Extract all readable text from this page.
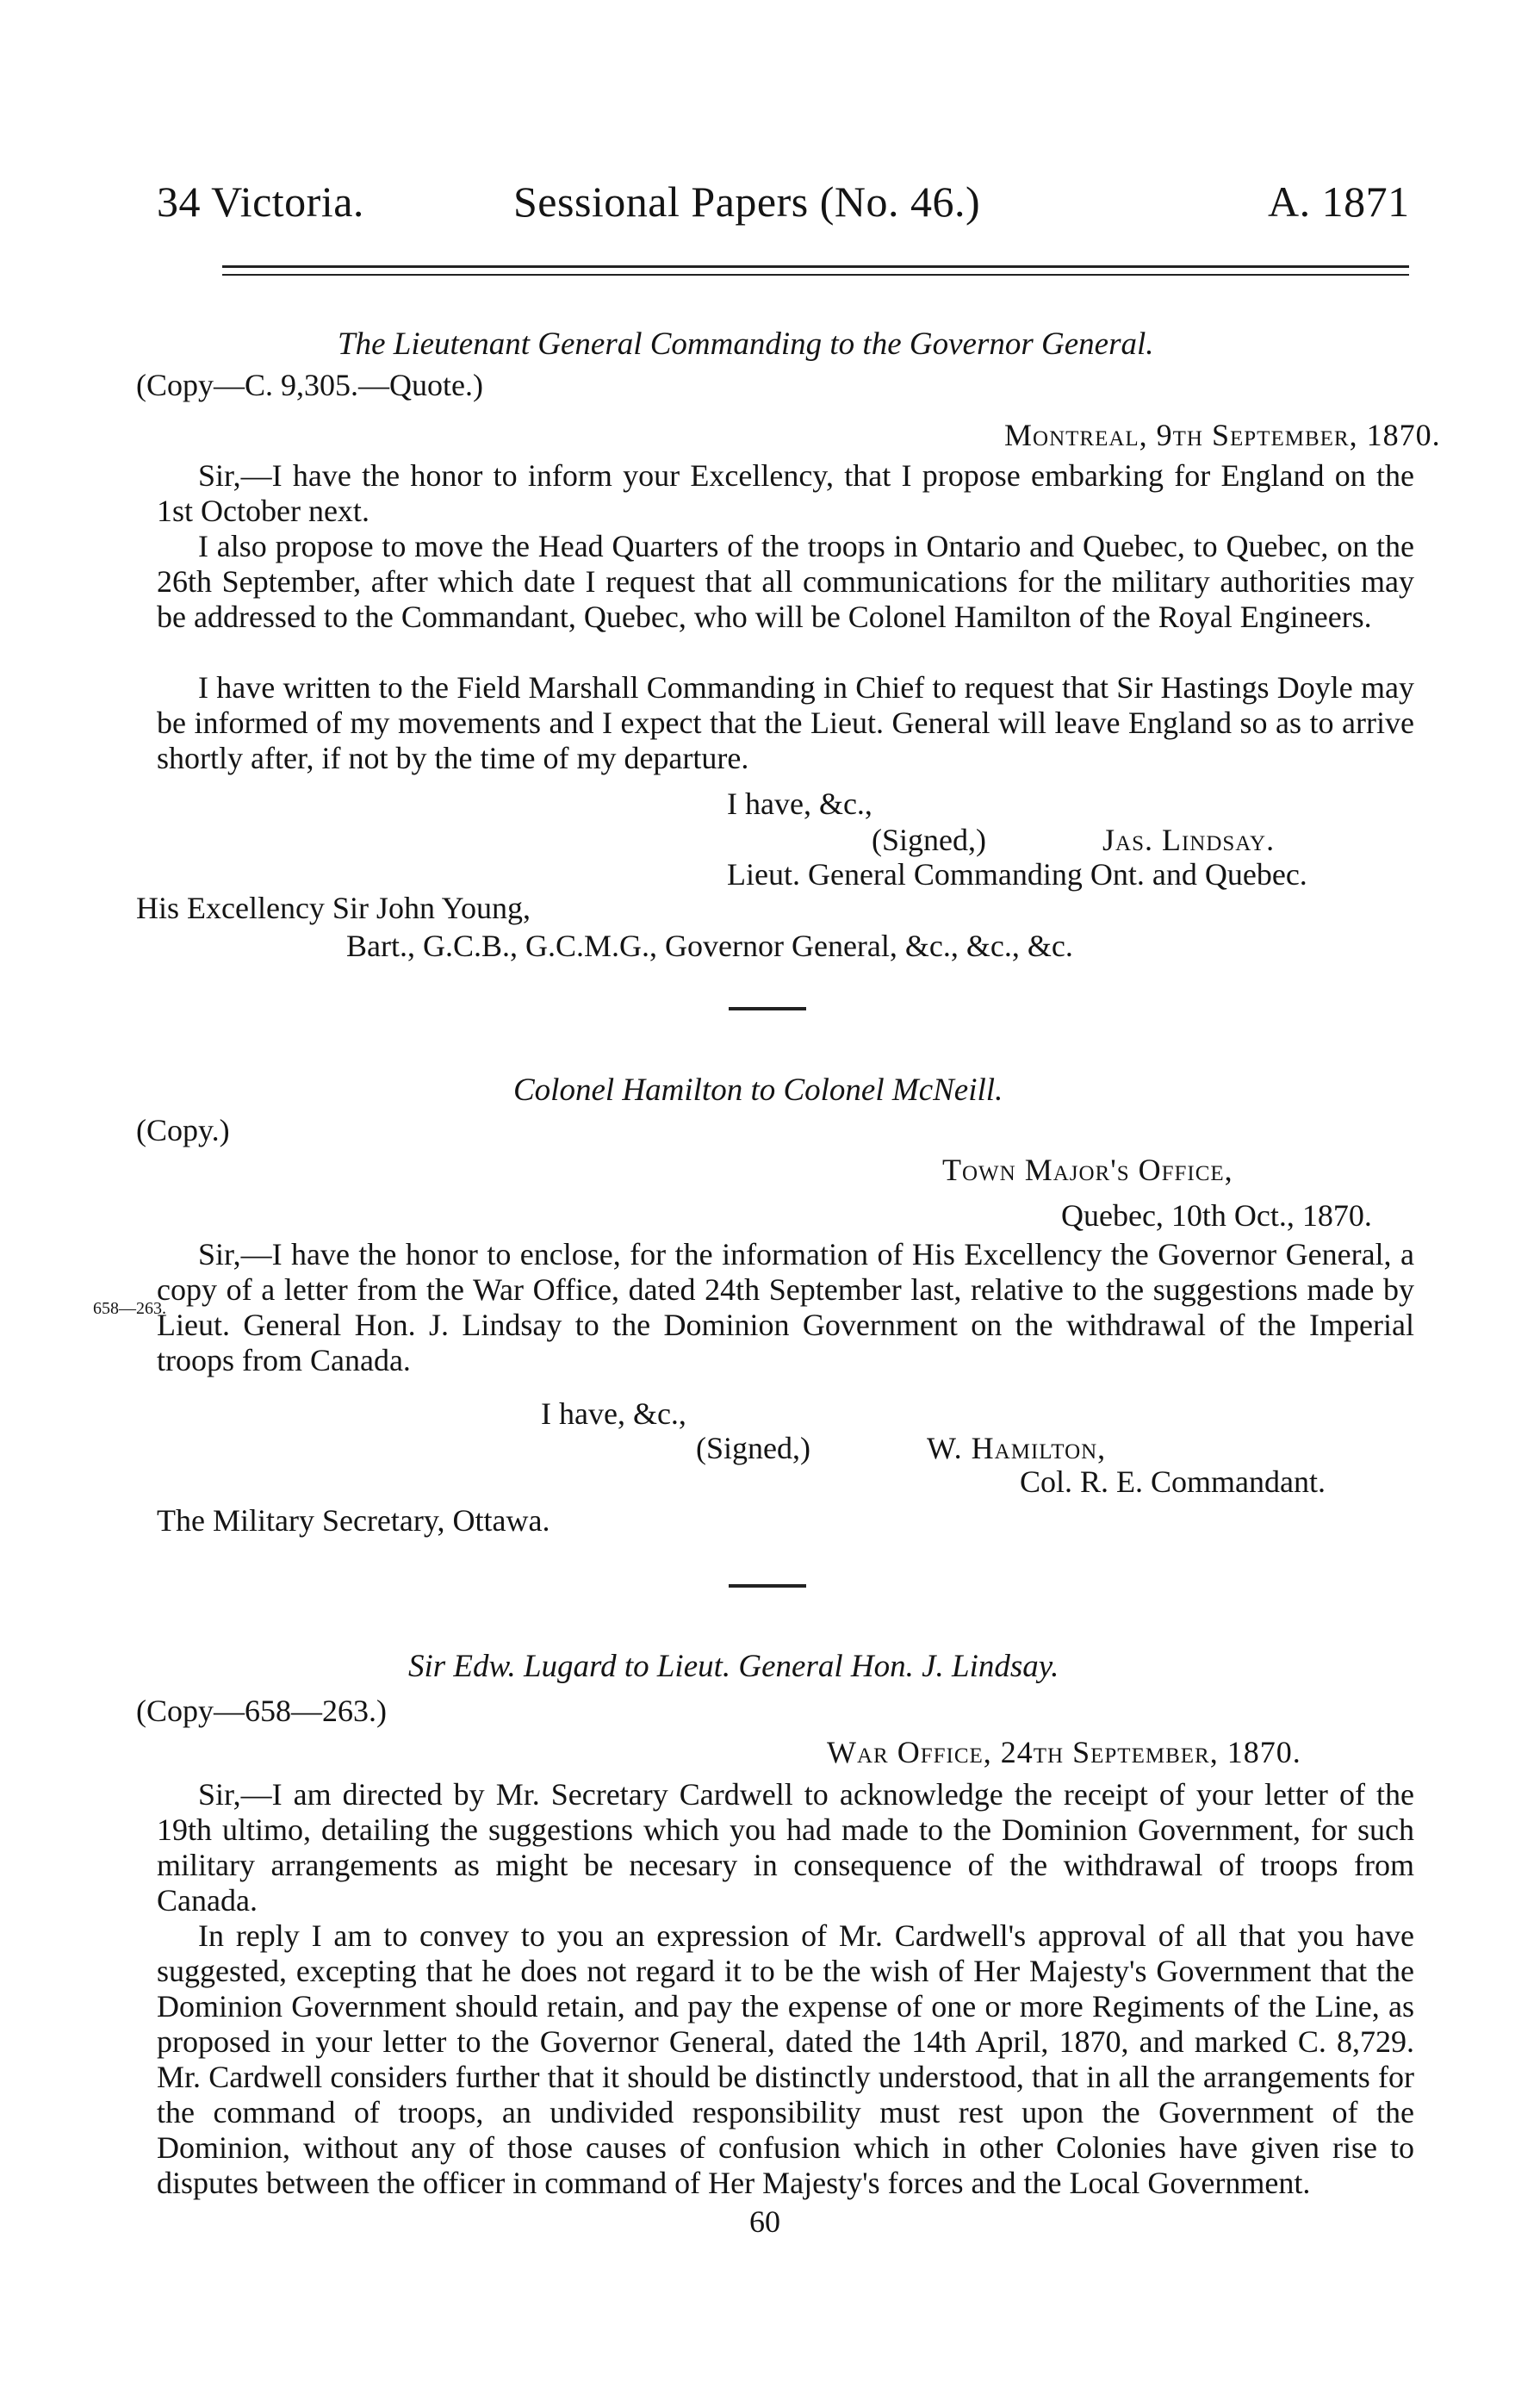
34 Victoria.	Sessional Papers (No. 46.)	A. 1871
The Lieutenant General Commanding to the Governor General.
(Copy—C. 9,305.—Quote.)
Montreal, 9th September, 1870.
Sir,—I have the honor to inform your Excellency, that I propose embarking for England on the 1st October next.
I also propose to move the Head Quarters of the troops in Ontario and Quebec, to Quebec, on the 26th September, after which date I request that all communications for the military authorities may be addressed to the Commandant, Quebec, who will be Colonel Hamilton of the Royal Engineers.
I have written to the Field Marshall Commanding in Chief to request that Sir Hastings Doyle may be informed of my movements and I expect that the Lieut. General will leave England so as to arrive shortly after, if not by the time of my departure.
I have, &c.,
(Signed,)	Jas. Lindsay.
Lieut. General Commanding Ont. and Quebec.
His Excellency Sir John Young,
Bart., G.C.B., G.C.M.G., Governor General, &c., &c., &c.
Colonel Hamilton to Colonel McNeill.
(Copy.)
Town Major's Office,
Quebec, 10th Oct., 1870.
Sir,—I have the honor to enclose, for the information of His Excellency the Governor General, a copy of a letter from the War Office, dated 24th September last, relative to the suggestions made by Lieut. General Hon. J. Lindsay to the Dominion Government on the withdrawal of the Imperial troops from Canada.
658—263.
I have, &c.,
(Signed,)	W. Hamilton,
Col. R. E. Commandant.
The Military Secretary, Ottawa.
Sir Edw. Lugard to Lieut. General Hon. J. Lindsay.
(Copy—658—263.)
War Office, 24th September, 1870.
Sir,—I am directed by Mr. Secretary Cardwell to acknowledge the receipt of your letter of the 19th ultimo, detailing the suggestions which you had made to the Dominion Government, for such military arrangements as might be necesary in consequence of the withdrawal of troops from Canada.
In reply I am to convey to you an expression of Mr. Cardwell's approval of all that you have suggested, excepting that he does not regard it to be the wish of Her Majesty's Government that the Dominion Government should retain, and pay the expense of one or more Regiments of the Line, as proposed in your letter to the Governor General, dated the 14th April, 1870, and marked C. 8,729. Mr. Cardwell considers further that it should be distinctly understood, that in all the arrangements for the command of troops, an undivided responsibility must rest upon the Government of the Dominion, without any of those causes of confusion which in other Colonies have given rise to disputes between the officer in command of Her Majesty's forces and the Local Government.
60
